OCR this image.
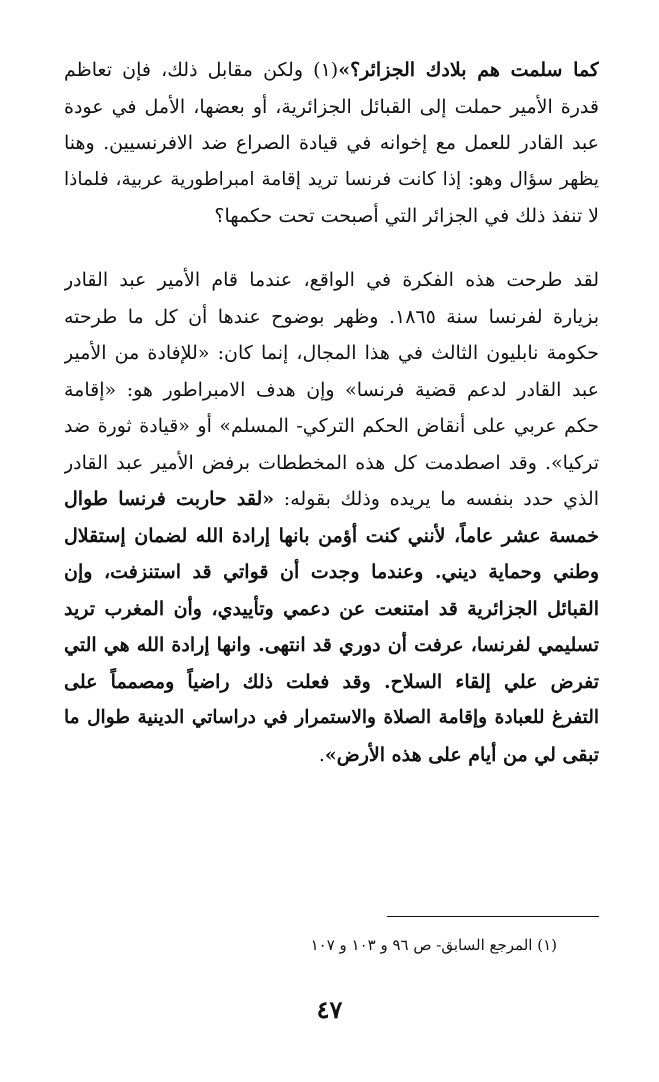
كما سلمت هم بلادك الجزائر؟»(١) ولكن مقابل ذلك، فإن تعاظم
قدرة الأمير حملت إلى القبائل الجزائرية، أو بعضها، الأمل في عودة
عبد القادر للعمل مع إخوانه في قيادة الصراع ضد الافرنسيين. وهنا
يظهر سؤال وهو: إذا كانت فرنسا تريد إقامة امبراطورية عربية، فلماذا
لا تنفذ ذلك في الجزائر التي أصبحت تحت حكمها؟
لقد طرحت هذه الفكرة في الواقع، عندما قام الأمير عبد القادر
بزيارة لفرنسا سنة ١٨٦٥. وظهر بوضوح عندها أن كل ما طرحته
حكومة نابليون الثالث في هذا المجال، إنما كان: «للإفادة من الأمير
عبد القادر لدعم قضية فرنسا» وإن هدف الامبراطور هو: «إقامة
حكم عربي على أنقاض الحكم التركي- المسلم» أو «قيادة ثورة ضد
تركيا». وقد اصطدمت كل هذه المخططات برفض الأمير عبد القادر
الذي حدد بنفسه ما يريده وذلك بقوله: «لقد حاربت فرنسا طوال
خمسة عشر عاماً، لأنني كنت أؤمن بانها إرادة الله لضمان إستقلال
وطني وحماية ديني. وعندما وجدت أن قواتي قد استنزفت، وإن
القبائل الجزائرية قد امتنعت عن دعمي وتأييدي، وأن المغرب تريد
تسليمي لفرنسا، عرفت أن دوري قد انتهى. وانها إرادة الله هي التي
تفرض علي إلقاء السلاح. وقد فعلت ذلك راضياً ومصمماً على
التفرغ للعبادة وإقامة الصلاة والاستمرار في دراساتي الدينية طوال ما
تبقى لي من أيام على هذه الأرض».
(١) المرجع السابق- ص ٩٦ و ١٠٣ و ١٠٧
٤٧
